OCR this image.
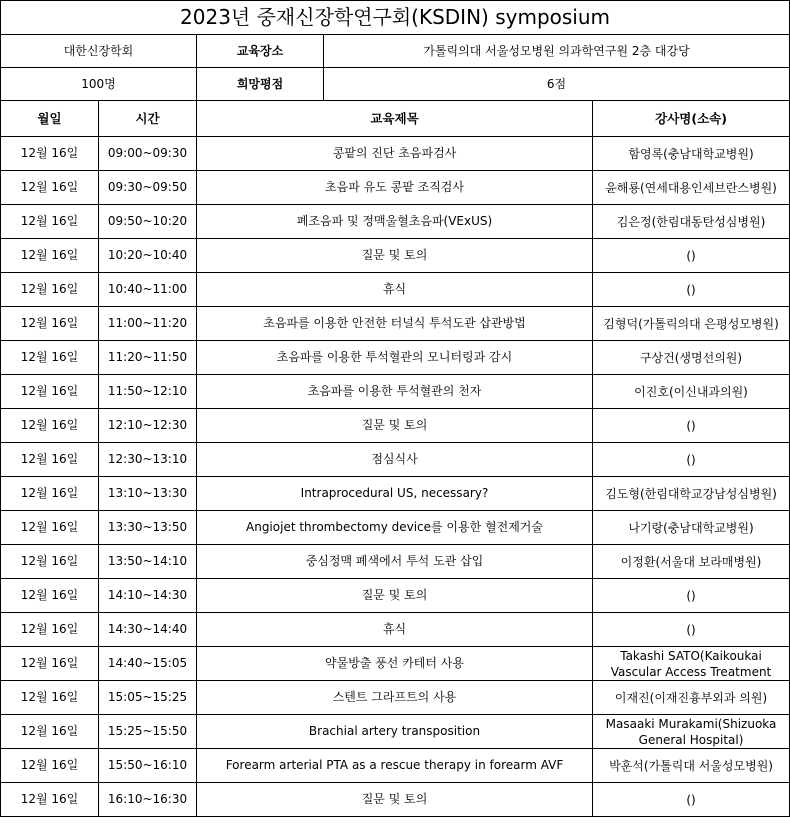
2023년 중재신장학연구회(KSDIN) symposium				
대한신장학회		교육장소	가톨릭의대 서울성모병원 의과학연구원 2층 대강당	
100명		희망평점	6점	
월일	시간	교육제목		강사명(소속)
12월 16일	09:00~09:30	콩팥의 진단 초음파검사		함영록(충남대학교병원)
12월 16일	09:30~09:50	초음파 유도 콩팥 조직검사		윤해룡(연세대용인세브란스병원)
12월 16일	09:50~10:20	폐조음파 및 정맥울혈초음파(VExUS)		김은정(한림대동탄성심병원)
12월 16일	10:20~10:40	질문 및 토의		()
12월 16일	10:40~11:00	휴식		()
12월 16일	11:00~11:20	초음파를 이용한 안전한 터널식 투석도관 삽관방법		김형덕(가톨릭의대 은평성모병원)
12월 16일	11:20~11:50	초음파를 이용한 투석혈관의 모니터링과 감시		구상건(생명선의원)
12월 16일	11:50~12:10	초음파를 이용한 투석혈관의 천자		이진호(이신내과의원)
12월 16일	12:10~12:30	질문 및 토의		()
12월 16일	12:30~13:10	점심식사		()
12월 16일	13:10~13:30	Intraprocedural US, necessary?		김도형(한림대학교강남성심병원)
12월 16일	13:30~13:50	Angiojet thrombectomy device를 이용한 혈전제거술		나기랑(충남대학교병원)
12월 16일	13:50~14:10	중심정맥 폐색에서 투석 도관 삽입		이정환(서울대 보라매병원)
12월 16일	14:10~14:30	질문 및 토의		()
12월 16일	14:30~14:40	휴식		()
12월 16일	14:40~15:05	약물방출 풍선 카테터 사용		Takashi SATO(Kaikoukai Vascular Access Treatment
12월 16일	15:05~15:25	스텐트 그라프트의 사용		이재진(이재진흉부외과 의원)
12월 16일	15:25~15:50	Brachial artery transposition		Masaaki Murakami(Shizuoka General Hospital)
12월 16일	15:50~16:10	Forearm arterial PTA as a rescue therapy in forearm AVF		박훈석(가톨릭대 서울성모병원)
12월 16일	16:10~16:30	질문 및 토의		()
